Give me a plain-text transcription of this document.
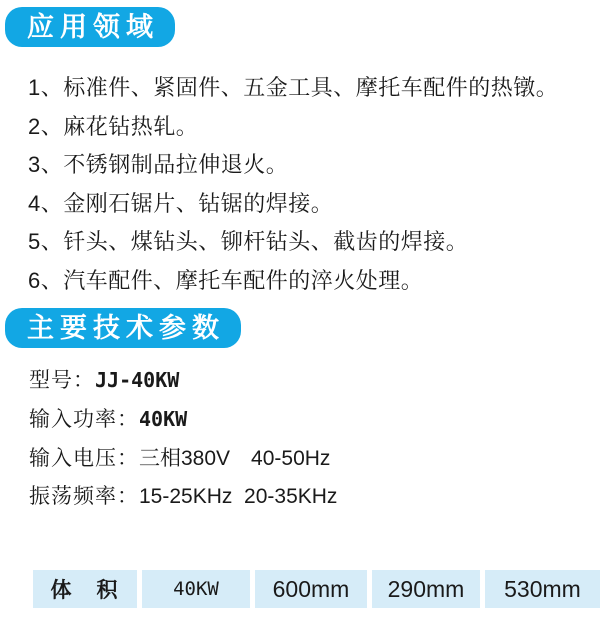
应用领域
1、标准件、紧固件、五金工具、摩托车配件的热镦。
2、麻花钻热轧。
3、不锈钢制品拉伸退火。
4、金刚石锯片、钻锯的焊接。
5、钎头、煤钻头、铆杆钻头、截齿的焊接。
6、汽车配件、摩托车配件的淬火处理。
主要技术参数
型号：JJ-40KW
输入功率：40KW
输入电压：三相380V　40-50Hz
振荡频率：15-25KHz  20-35KHz
体　积	40KW	600mm	290mm	530mm
